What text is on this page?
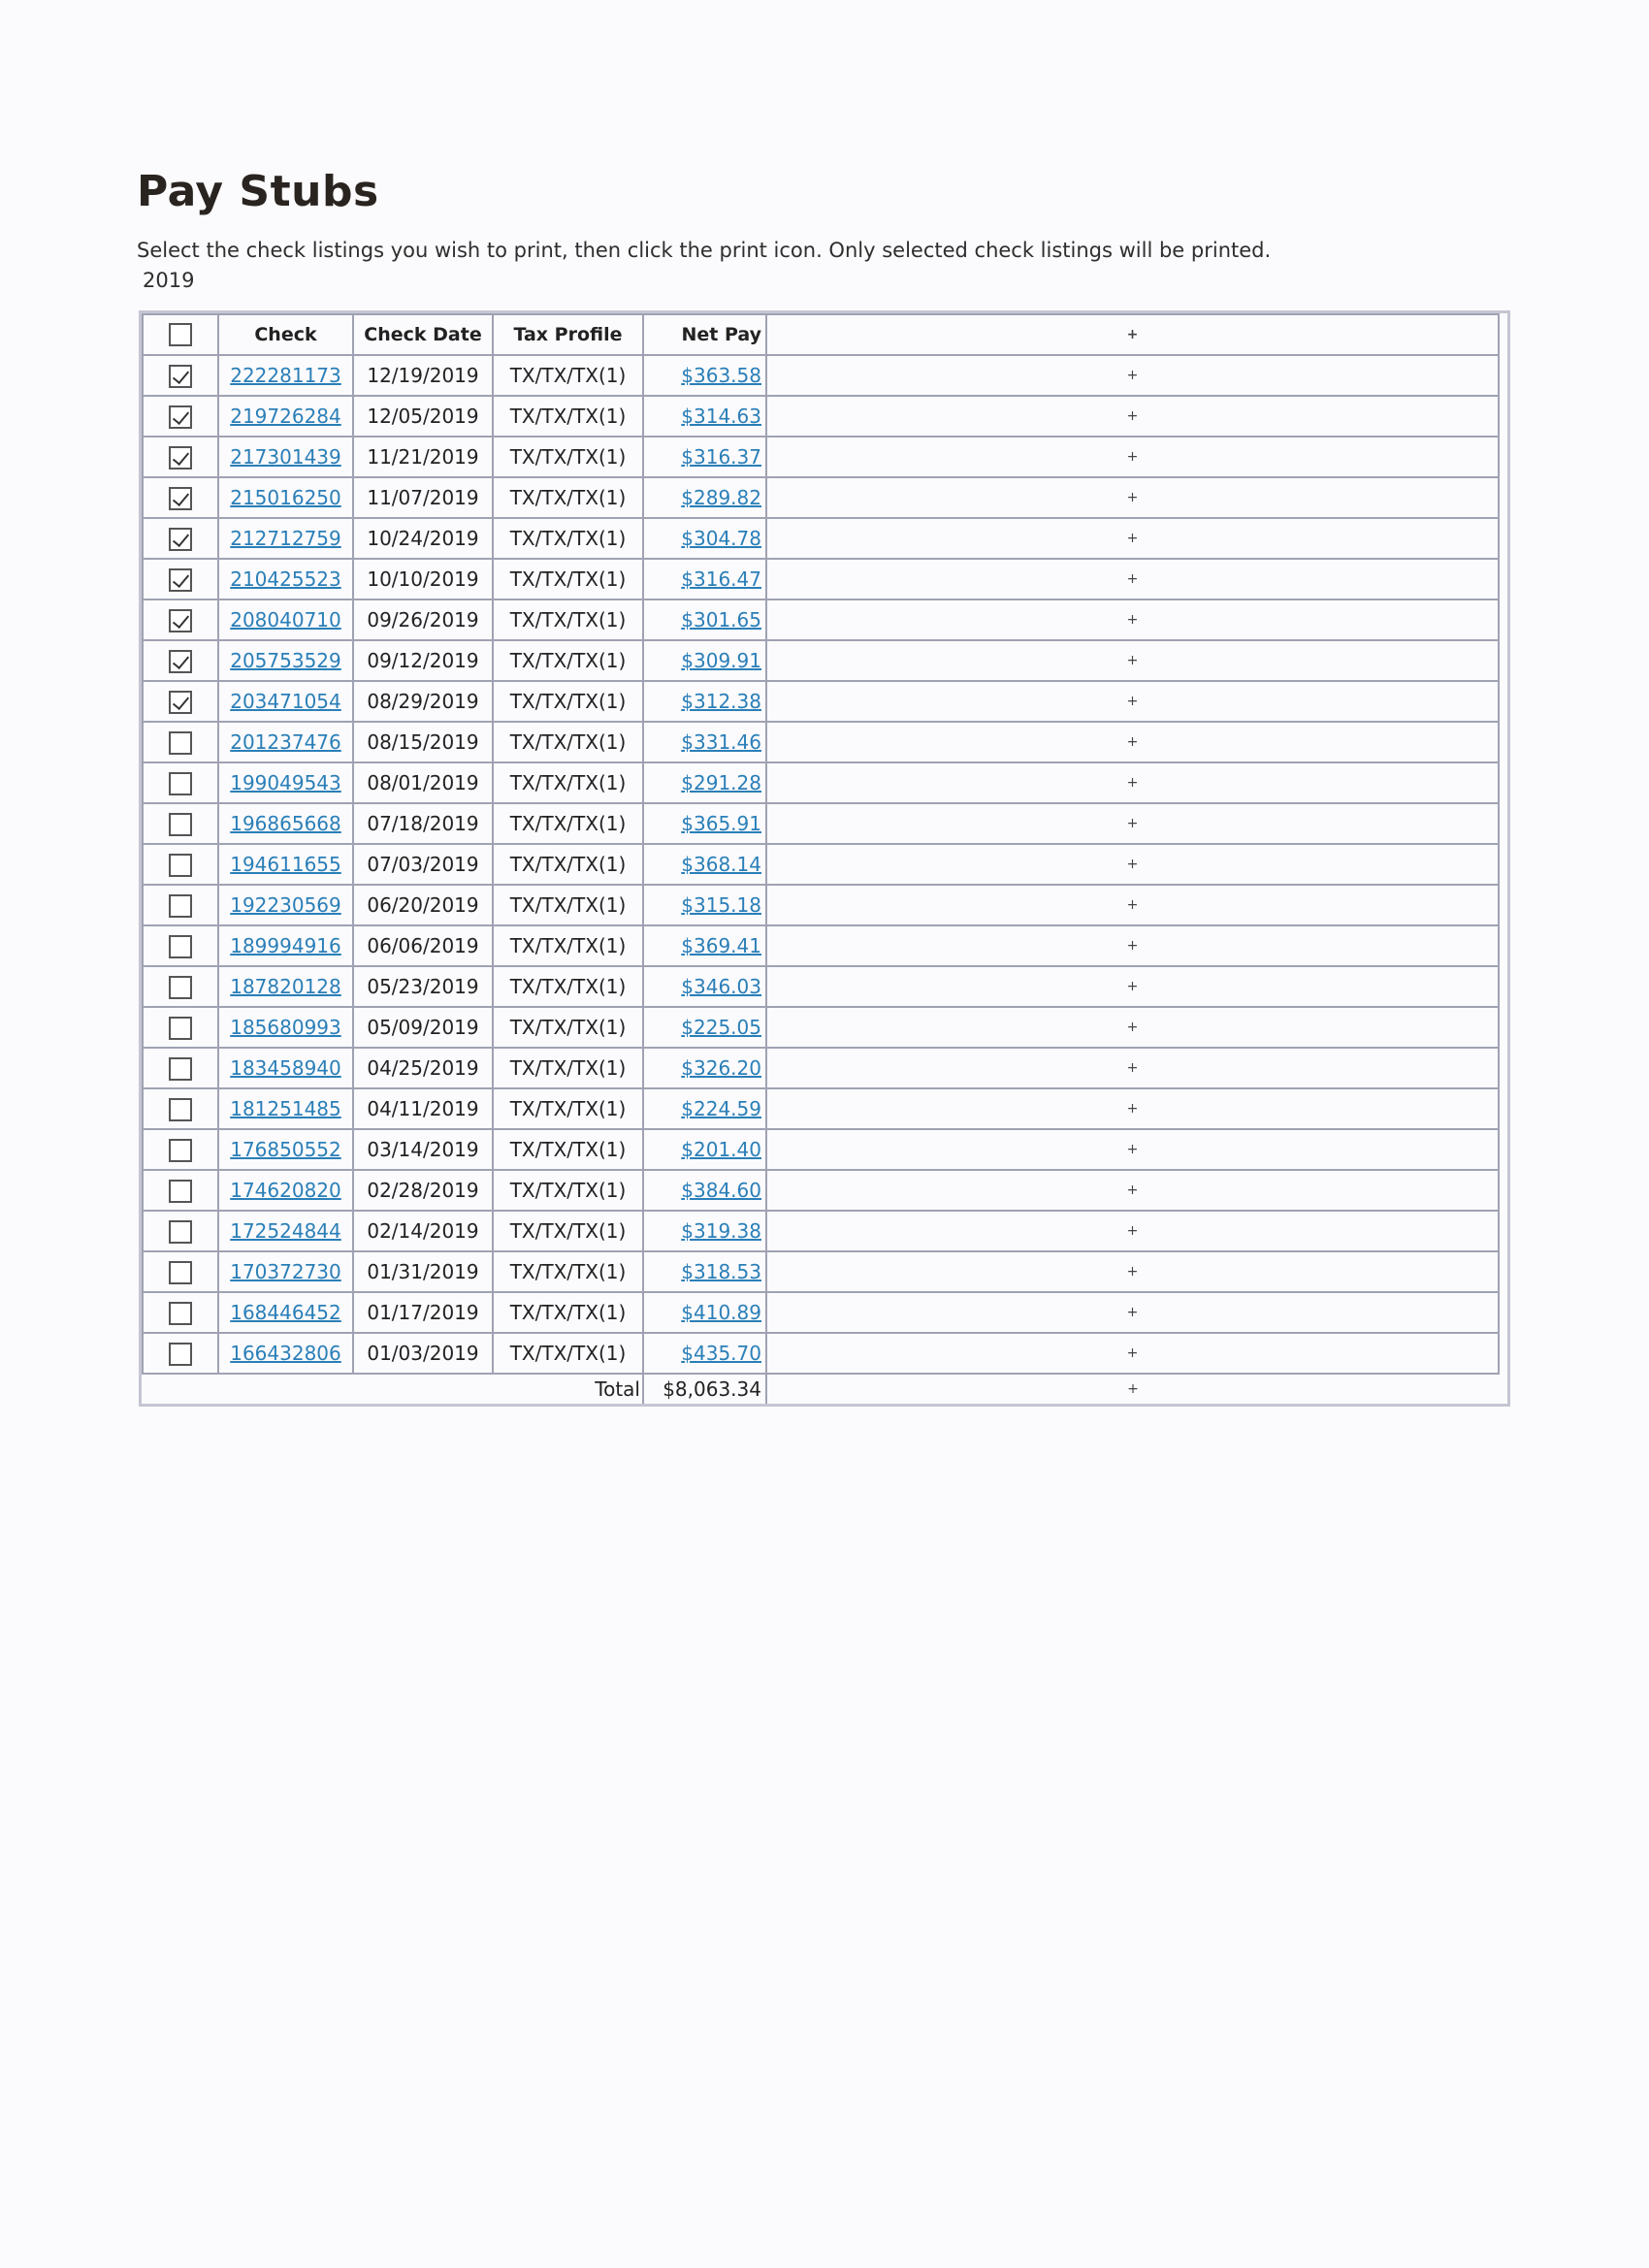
Pay Stubs
Select the check listings you wish to print, then click the print icon. Only selected check listings will be printed.
2019
	Check	Check Date	Tax Profile	Net Pay	+
	222281173	12/19/2019	TX/TX/TX(1)	$363.58	+
	219726284	12/05/2019	TX/TX/TX(1)	$314.63	+
	217301439	11/21/2019	TX/TX/TX(1)	$316.37	+
	215016250	11/07/2019	TX/TX/TX(1)	$289.82	+
	212712759	10/24/2019	TX/TX/TX(1)	$304.78	+
	210425523	10/10/2019	TX/TX/TX(1)	$316.47	+
	208040710	09/26/2019	TX/TX/TX(1)	$301.65	+
	205753529	09/12/2019	TX/TX/TX(1)	$309.91	+
	203471054	08/29/2019	TX/TX/TX(1)	$312.38	+
	201237476	08/15/2019	TX/TX/TX(1)	$331.46	+
	199049543	08/01/2019	TX/TX/TX(1)	$291.28	+
	196865668	07/18/2019	TX/TX/TX(1)	$365.91	+
	194611655	07/03/2019	TX/TX/TX(1)	$368.14	+
	192230569	06/20/2019	TX/TX/TX(1)	$315.18	+
	189994916	06/06/2019	TX/TX/TX(1)	$369.41	+
	187820128	05/23/2019	TX/TX/TX(1)	$346.03	+
	185680993	05/09/2019	TX/TX/TX(1)	$225.05	+
	183458940	04/25/2019	TX/TX/TX(1)	$326.20	+
	181251485	04/11/2019	TX/TX/TX(1)	$224.59	+
	176850552	03/14/2019	TX/TX/TX(1)	$201.40	+
	174620820	02/28/2019	TX/TX/TX(1)	$384.60	+
	172524844	02/14/2019	TX/TX/TX(1)	$319.38	+
	170372730	01/31/2019	TX/TX/TX(1)	$318.53	+
	168446452	01/17/2019	TX/TX/TX(1)	$410.89	+
	166432806	01/03/2019	TX/TX/TX(1)	$435.70	+
Total				$8,063.34	+
